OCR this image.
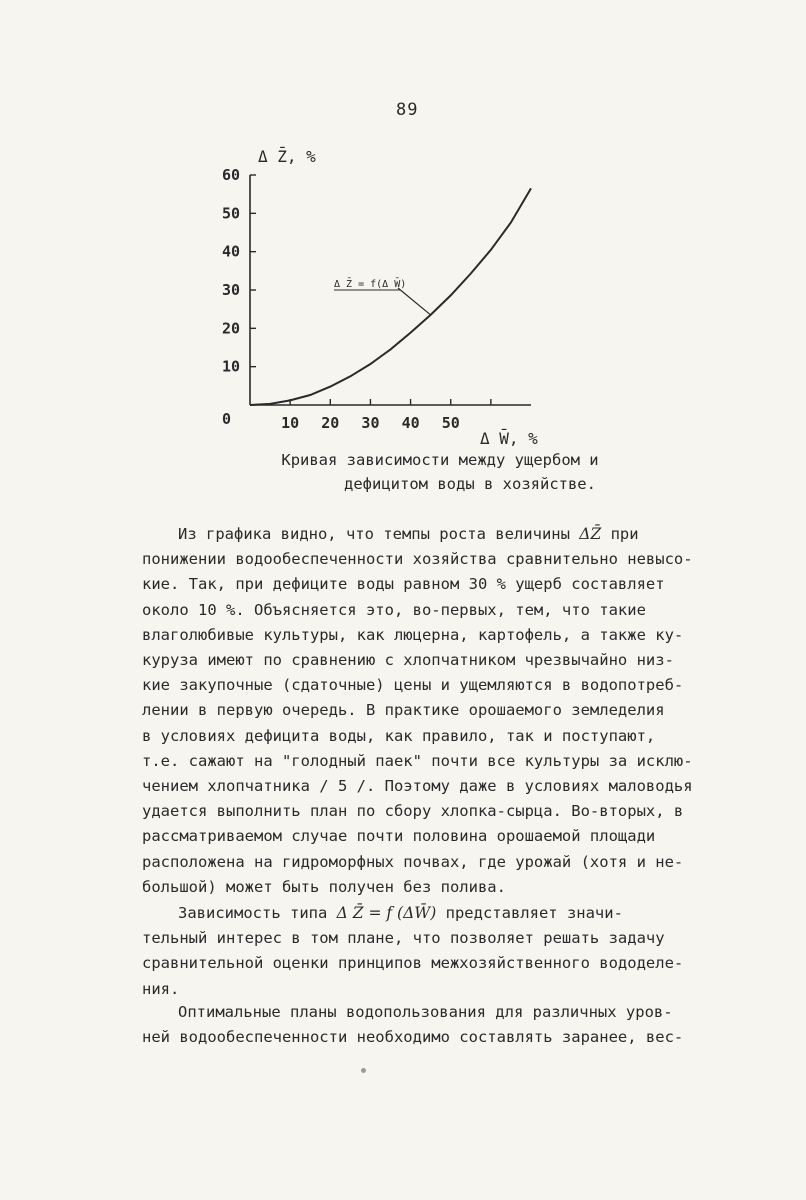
89
0
10
20
30
40
50
60
10 20 30 40 50
Δ Z̄, %
Δ W̄, %
Δ Z̄ = f(Δ W̄)
Кривая зависимости между ущербом и
дефицитом воды в хозяйстве.
Из графика видно, что темпы роста величины ΔZ̄ при
понижении водообеспеченности хозяйства сравнительно невысо-
кие. Так, при дефиците воды равном 30 % ущерб составляет
около 10 %. Объясняется это, во-первых, тем, что такие
влаголюбивые культуры, как люцерна, картофель, а также ку-
куруза имеют по сравнению с хлопчатником чрезвычайно низ-
кие закупочные (сдаточные) цены и ущемляются в водопотреб-
лении в первую очередь. В практике орошаемого земледелия
в условиях дефицита воды, как правило, так и поступают,
т.е. сажают на "голодный паек" почти все культуры за исклю-
чением хлопчатника / 5 /. Поэтому даже в условиях маловодья
удается выполнить план по сбору хлопка-сырца. Во-вторых, в
рассматриваемом случае почти половина орошаемой площади
расположена на гидроморфных почвах, где урожай (хотя и не-
большой) может быть получен без полива.
Зависимость типа Δ Z̄ = f (ΔW̄) представляет значи-
тельный интерес в том плане, что позволяет решать задачу
сравнительной оценки принципов межхозяйственного вододеле-
ния.
Оптимальные планы водопользования для различных уров-
ней водообеспеченности необходимо составлять заранее, вес-
